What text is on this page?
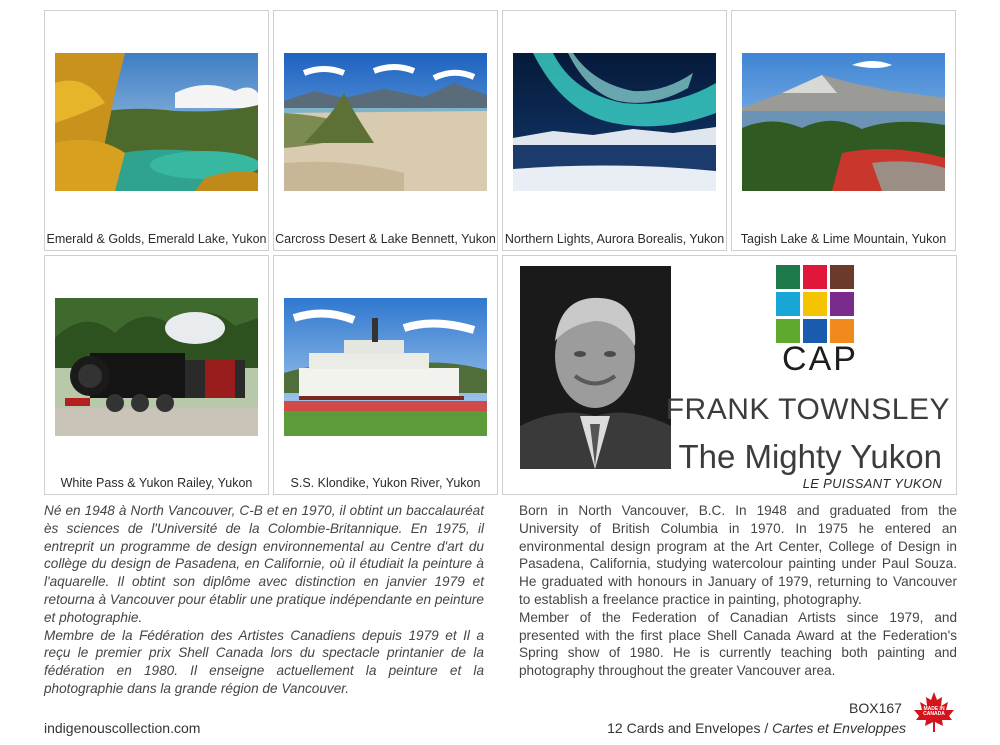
Emerald & Golds, Emerald Lake, Yukon Carcross Desert & Lake Bennett, Yukon Northern Lights, Aurora Borealis, Yukon	Tagish Lake & Lime Mountain, Yukon
White Pass & Yukon Railey, Yukon	S.S. Klondike, Yukon River, Yukon
CAP
FRANK TOWNSLEY
The Mighty Yukon
LE PUISSANT YUKON

Né en 1948 à North Vancouver, C-B et en 1970, il obtint un baccalauréat ès sciences de l'Université de la Colombie-Britannique. En 1975, il entreprit un programme de design environnemental au Centre d'art du collège du design de Pasadena, en Californie, où il étudiait la peinture à l'aquarelle. Il obtint son diplôme avec distinction en janvier 1979 et retourna à Vancouver pour établir une pratique indépendante en peinture et photographie.

Membre de la Fédération des Artistes Canadiens depuis 1979 et Il a reçu le premier prix Shell Canada lors du spectacle printanier de la fédération en 1980. Il enseigne actuellement la peinture et la photographie dans la grande région de Vancouver.

Born in North Vancouver, B.C. In 1948 and graduated from the University of British Columbia in 1970. In 1975 he entered an environmental design program at the Art Center, College of Design in Pasadena, California, studying watercolour painting under Paul Souza. He graduated with honours in January of 1979, returning to Vancouver to establish a freelance practice in painting, photography.

Member of the Federation of Canadian Artists since 1979, and presented with the first place Shell Canada Award at the Federation's Spring show of 1980. He is currently teaching both painting and photography throughout the greater Vancouver area.

indigenouscollection.com
BOX167
12 Cards and Envelopes / Cartes et Enveloppes
MADE IN CANADA
